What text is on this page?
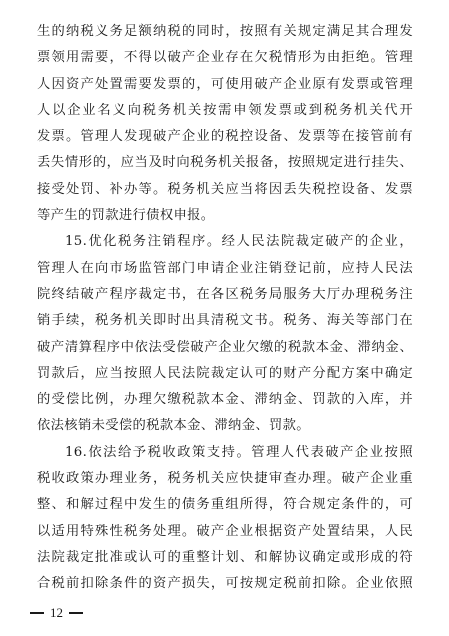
生的纳税义务足额纳税的同时，按照有关规定满足其合理发
票领用需要，不得以破产企业存在欠税情形为由拒绝。管理
人因资产处置需要发票的，可使用破产企业原有发票或管理
人以企业名义向税务机关按需申领发票或到税务机关代开
发票。管理人发现破产企业的税控设备、发票等在接管前有
丢失情形的，应当及时向税务机关报备，按照规定进行挂失、
接受处罚、补办等。税务机关应当将因丢失税控设备、发票
等产生的罚款进行债权申报。
15.优化税务注销程序。经人民法院裁定破产的企业，
管理人在向市场监管部门申请企业注销登记前，应持人民法
院终结破产程序裁定书，在各区税务局服务大厅办理税务注
销手续，税务机关即时出具清税文书。税务、海关等部门在
破产清算程序中依法受偿破产企业欠缴的税款本金、滞纳金、
罚款后，应当按照人民法院裁定认可的财产分配方案中确定
的受偿比例，办理欠缴税款本金、滞纳金、罚款的入库，并
依法核销未受偿的税款本金、滞纳金、罚款。
16.依法给予税收政策支持。管理人代表破产企业按照
税收政策办理业务，税务机关应快捷审查办理。破产企业重
整、和解过程中发生的债务重组所得，符合规定条件的，可
以适用特殊性税务处理。破产企业根据资产处置结果，人民
法院裁定批准或认可的重整计划、和解协议确定或形成的符
合税前扣除条件的资产损失，可按规定税前扣除。企业依照
12
